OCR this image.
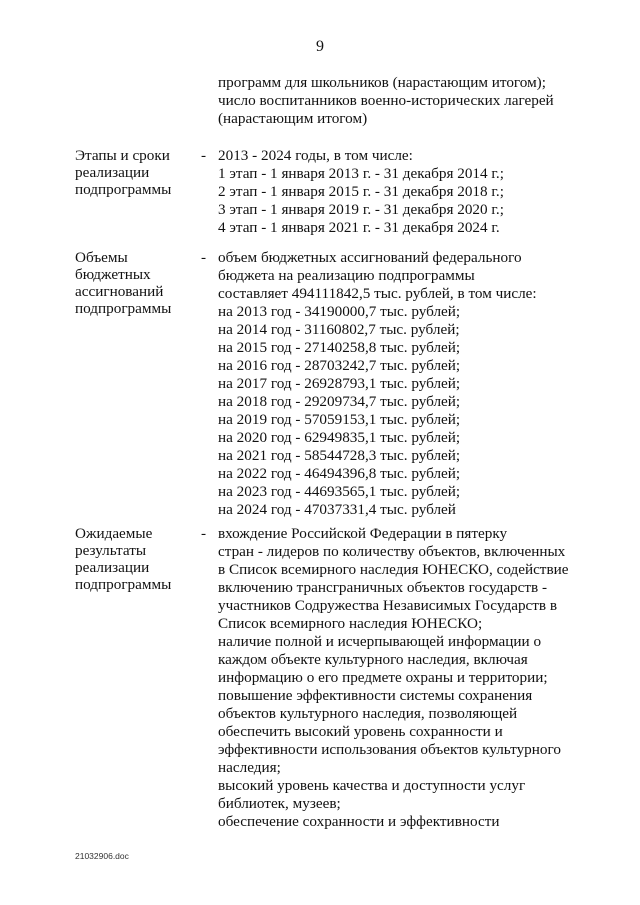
9
программ для школьников (нарастающим итогом);
число воспитанников военно-исторических лагерей
(нарастающим итогом)
Этапы и сроки
реализации
подпрограммы
- 2013 - 2024 годы, в том числе:
1 этап - 1 января 2013 г. - 31 декабря 2014 г.;
2 этап - 1 января 2015 г. - 31 декабря 2018 г.;
3 этап - 1 января 2019 г. - 31 декабря 2020 г.;
4 этап - 1 января 2021 г. - 31 декабря 2024 г.
Объемы
бюджетных
ассигнований
подпрограммы
- объем бюджетных ассигнований федерального
бюджета на реализацию подпрограммы
составляет 494111842,5 тыс. рублей, в том числе:
на 2013 год - 34190000,7 тыс. рублей;
на 2014 год - 31160802,7 тыс. рублей;
на 2015 год - 27140258,8 тыс. рублей;
на 2016 год - 28703242,7 тыс. рублей;
на 2017 год - 26928793,1 тыс. рублей;
на 2018 год - 29209734,7 тыс. рублей;
на 2019 год - 57059153,1 тыс. рублей;
на 2020 год - 62949835,1 тыс. рублей;
на 2021 год - 58544728,3 тыс. рублей;
на 2022 год - 46494396,8 тыс. рублей;
на 2023 год - 44693565,1 тыс. рублей;
на 2024 год - 47037331,4 тыс. рублей
Ожидаемые
результаты
реализации
подпрограммы
- вхождение Российской Федерации в пятерку
стран - лидеров по количеству объектов, включенных
в Список всемирного наследия ЮНЕСКО, содействие
включению трансграничных объектов государств -
участников Содружества Независимых Государств в
Список всемирного наследия ЮНЕСКО;
наличие полной и исчерпывающей информации о
каждом объекте культурного наследия, включая
информацию о его предмете охраны и территории;
повышение эффективности системы сохранения
объектов культурного наследия, позволяющей
обеспечить высокий уровень сохранности и
эффективности использования объектов культурного
наследия;
высокий уровень качества и доступности услуг
библиотек, музеев;
обеспечение сохранности и эффективности
21032906.doc
